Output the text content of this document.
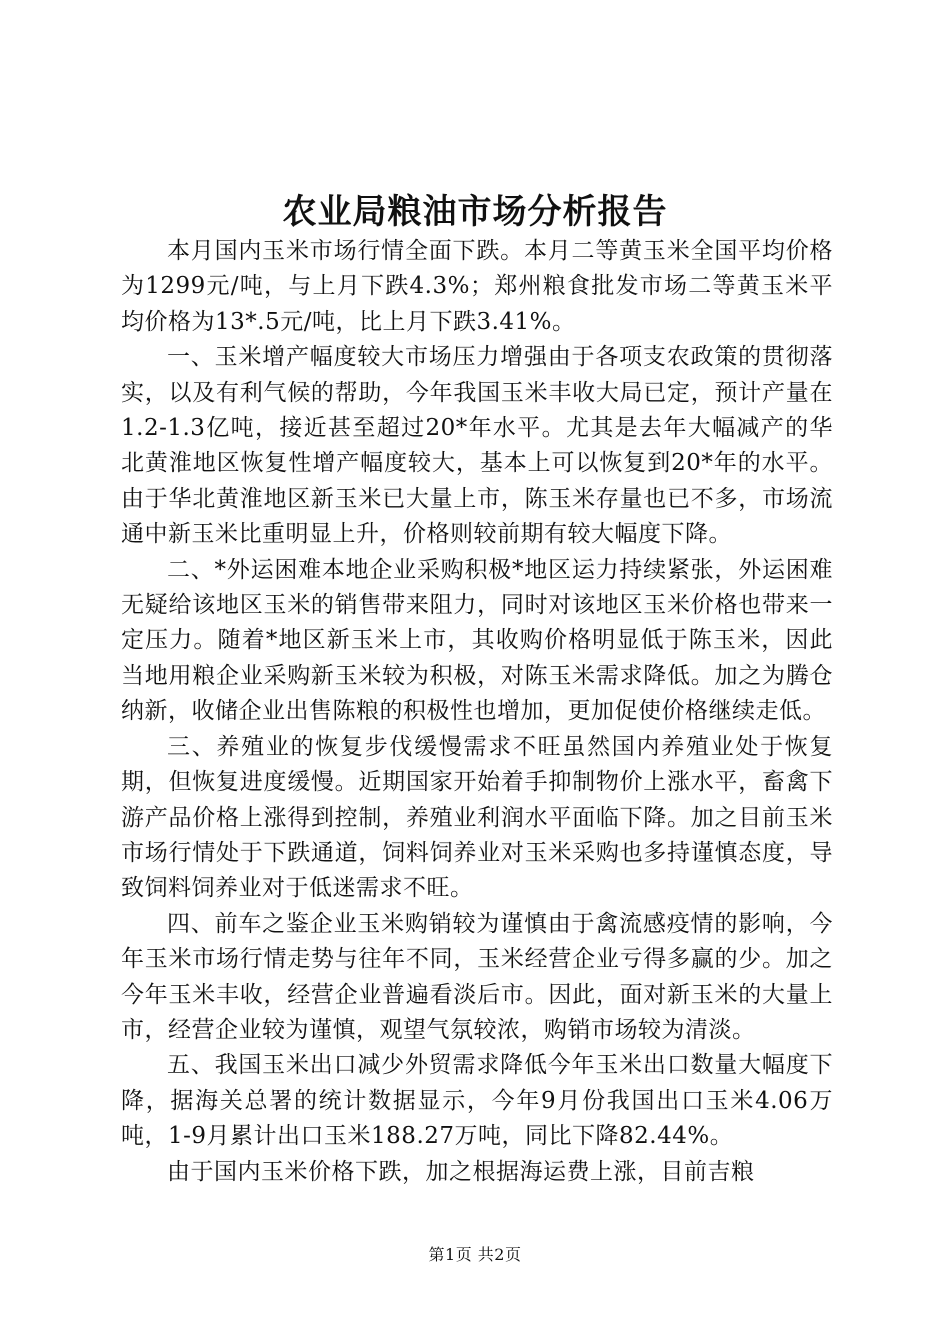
农业局粮油市场分析报告

本月国内玉米市场行情全面下跌。本月二等黄玉米全国平均价格为1299元/吨，与上月下跌4.3%；郑州粮食批发市场二等黄玉米平均价格为13*.5元/吨，比上月下跌3.41%。

一、玉米增产幅度较大市场压力增强由于各项支农政策的贯彻落实，以及有利气候的帮助，今年我国玉米丰收大局已定，预计产量在1.2-1.3亿吨，接近甚至超过20*年水平。尤其是去年大幅减产的华北黄淮地区恢复性增产幅度较大，基本上可以恢复到20*年的水平。由于华北黄淮地区新玉米已大量上市，陈玉米存量也已不多，市场流通中新玉米比重明显上升，价格则较前期有较大幅度下降。

二、*外运困难本地企业采购积极*地区运力持续紧张，外运困难无疑给该地区玉米的销售带来阻力，同时对该地区玉米价格也带来一定压力。随着*地区新玉米上市，其收购价格明显低于陈玉米，因此当地用粮企业采购新玉米较为积极，对陈玉米需求降低。加之为腾仓纳新，收储企业出售陈粮的积极性也增加，更加促使价格继续走低。

三、养殖业的恢复步伐缓慢需求不旺虽然国内养殖业处于恢复期，但恢复进度缓慢。近期国家开始着手抑制物价上涨水平，畜禽下游产品价格上涨得到控制，养殖业利润水平面临下降。加之目前玉米市场行情处于下跌通道，饲料饲养业对玉米采购也多持谨慎态度，导致饲料饲养业对于低迷需求不旺。

四、前车之鉴企业玉米购销较为谨慎由于禽流感疫情的影响，今年玉米市场行情走势与往年不同，玉米经营企业亏得多赢的少。加之今年玉米丰收，经营企业普遍看淡后市。因此，面对新玉米的大量上市，经营企业较为谨慎，观望气氛较浓，购销市场较为清淡。

五、我国玉米出口减少外贸需求降低今年玉米出口数量大幅度下降，据海关总署的统计数据显示，今年9月份我国出口玉米4.06万吨，1-9月累计出口玉米188.27万吨，同比下降82.44%。

由于国内玉米价格下跌，加之根据海运费上涨，目前吉粮

第1页 共2页
